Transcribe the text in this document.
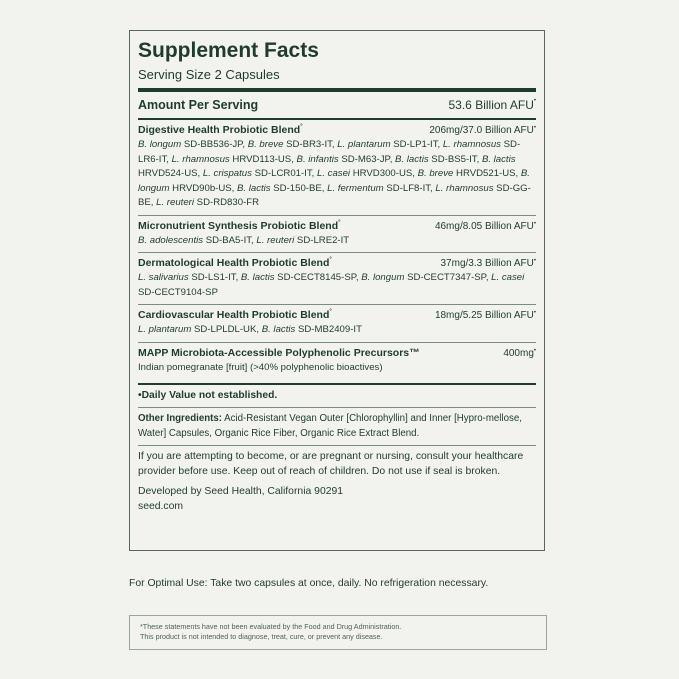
Supplement Facts
Serving Size 2 Capsules
Amount Per Serving	53.6 Billion AFU•
Digestive Health Probiotic Blend°	206mg/37.0 Billion AFU•
B. longum SD-BB536-JP, B. breve SD-BR3-IT, L. plantarum SD-LP1-IT, L. rhamnosus SD-LR6-IT, L. rhamnosus HRVD113-US, B. infantis SD-M63-JP, B. lactis SD-BS5-IT, B. lactis HRVD524-US, L. crispatus SD-LCR01-IT, L. casei HRVD300-US, B. breve HRVD521-US, B. longum HRVD90b-US, B. lactis SD-150-BE, L. fermentum SD-LF8-IT, L. rhamnosus SD-GG-BE, L. reuteri SD-RD830-FR
Micronutrient Synthesis Probiotic Blend°	46mg/8.05 Billion AFU•
B. adolescentis SD-BA5-IT, L. reuteri SD-LRE2-IT
Dermatological Health Probiotic Blend°	37mg/3.3 Billion AFU•
L. salivarius SD-LS1-IT, B. lactis SD-CECT8145-SP, B. longum SD-CECT7347-SP, L. casei SD-CECT9104-SP
Cardiovascular Health Probiotic Blend°	18mg/5.25 Billion AFU•
L. plantarum SD-LPLDL-UK, B. lactis SD-MB2409-IT
MAPP Microbiota-Accessible Polyphenolic Precursors™	400mg•
Indian pomegranate [fruit] (>40% polyphenolic bioactives)
•Daily Value not established.
Other Ingredients: Acid-Resistant Vegan Outer [Chlorophyllin] and Inner [Hypro-mellose, Water] Capsules, Organic Rice Fiber, Organic Rice Extract Blend.
If you are attempting to become, or are pregnant or nursing, consult your healthcare provider before use. Keep out of reach of children. Do not use if seal is broken.
Developed by Seed Health, California 90291
seed.com
For Optimal Use: Take two capsules at once, daily. No refrigeration necessary.
*These statements have not been evaluated by the Food and Drug Administration.
This product is not intended to diagnose, treat, cure, or prevent any disease.
